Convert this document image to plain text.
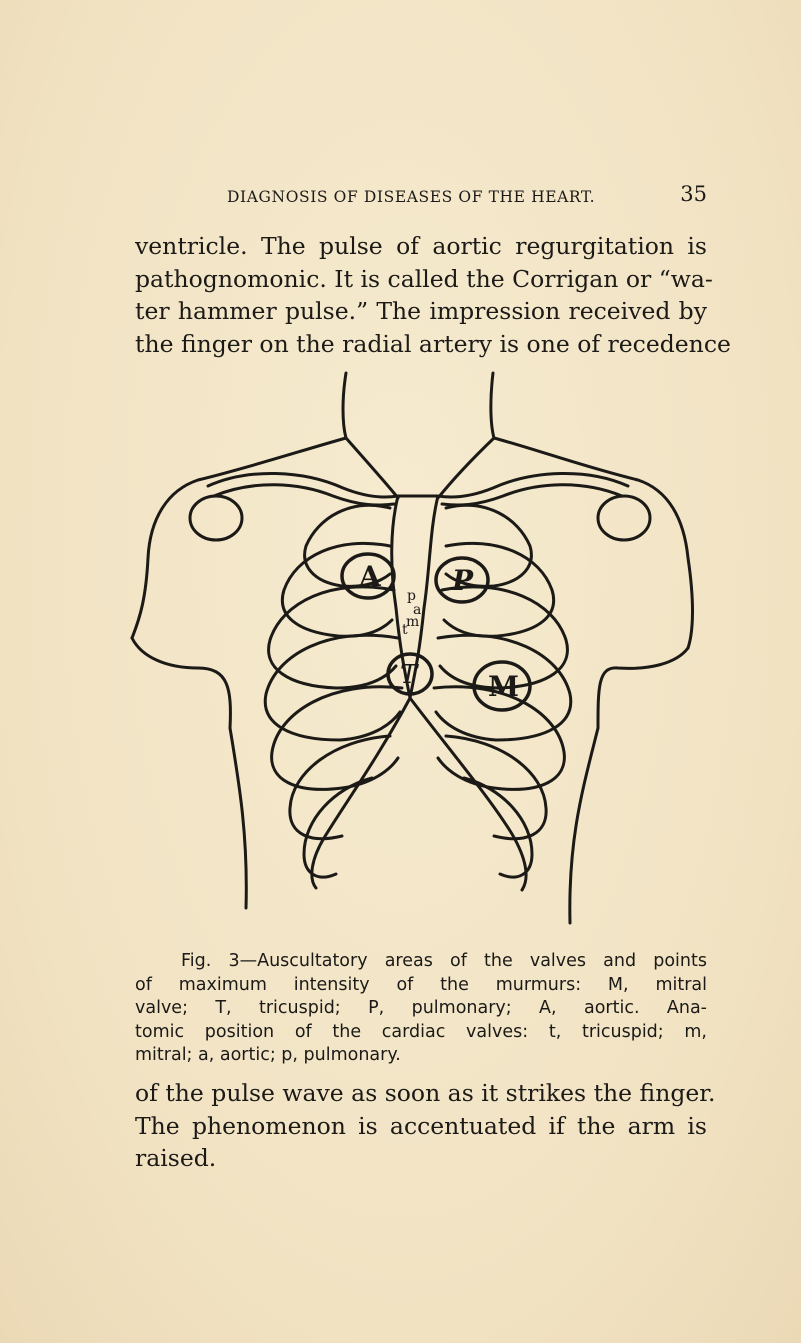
DIAGNOSIS OF DISEASES OF THE HEART.	35

ventricle. The pulse of aortic regurgitation is
pathognomonic. It is called the Corrigan or “wa-
ter hammer pulse.” The impression received by
the finger on the radial artery is one of recedence

A	P
T	M
p
a
m
t

Fig. 3—Auscultatory areas of the valves and points
of maximum intensity of the murmurs: M, mitral
valve; T, tricuspid; P, pulmonary; A, aortic. Ana-
tomic position of the cardiac valves: t, tricuspid; m,
mitral; a, aortic; p, pulmonary.

of the pulse wave as soon as it strikes the finger.
The phenomenon is accentuated if the arm is
raised.
